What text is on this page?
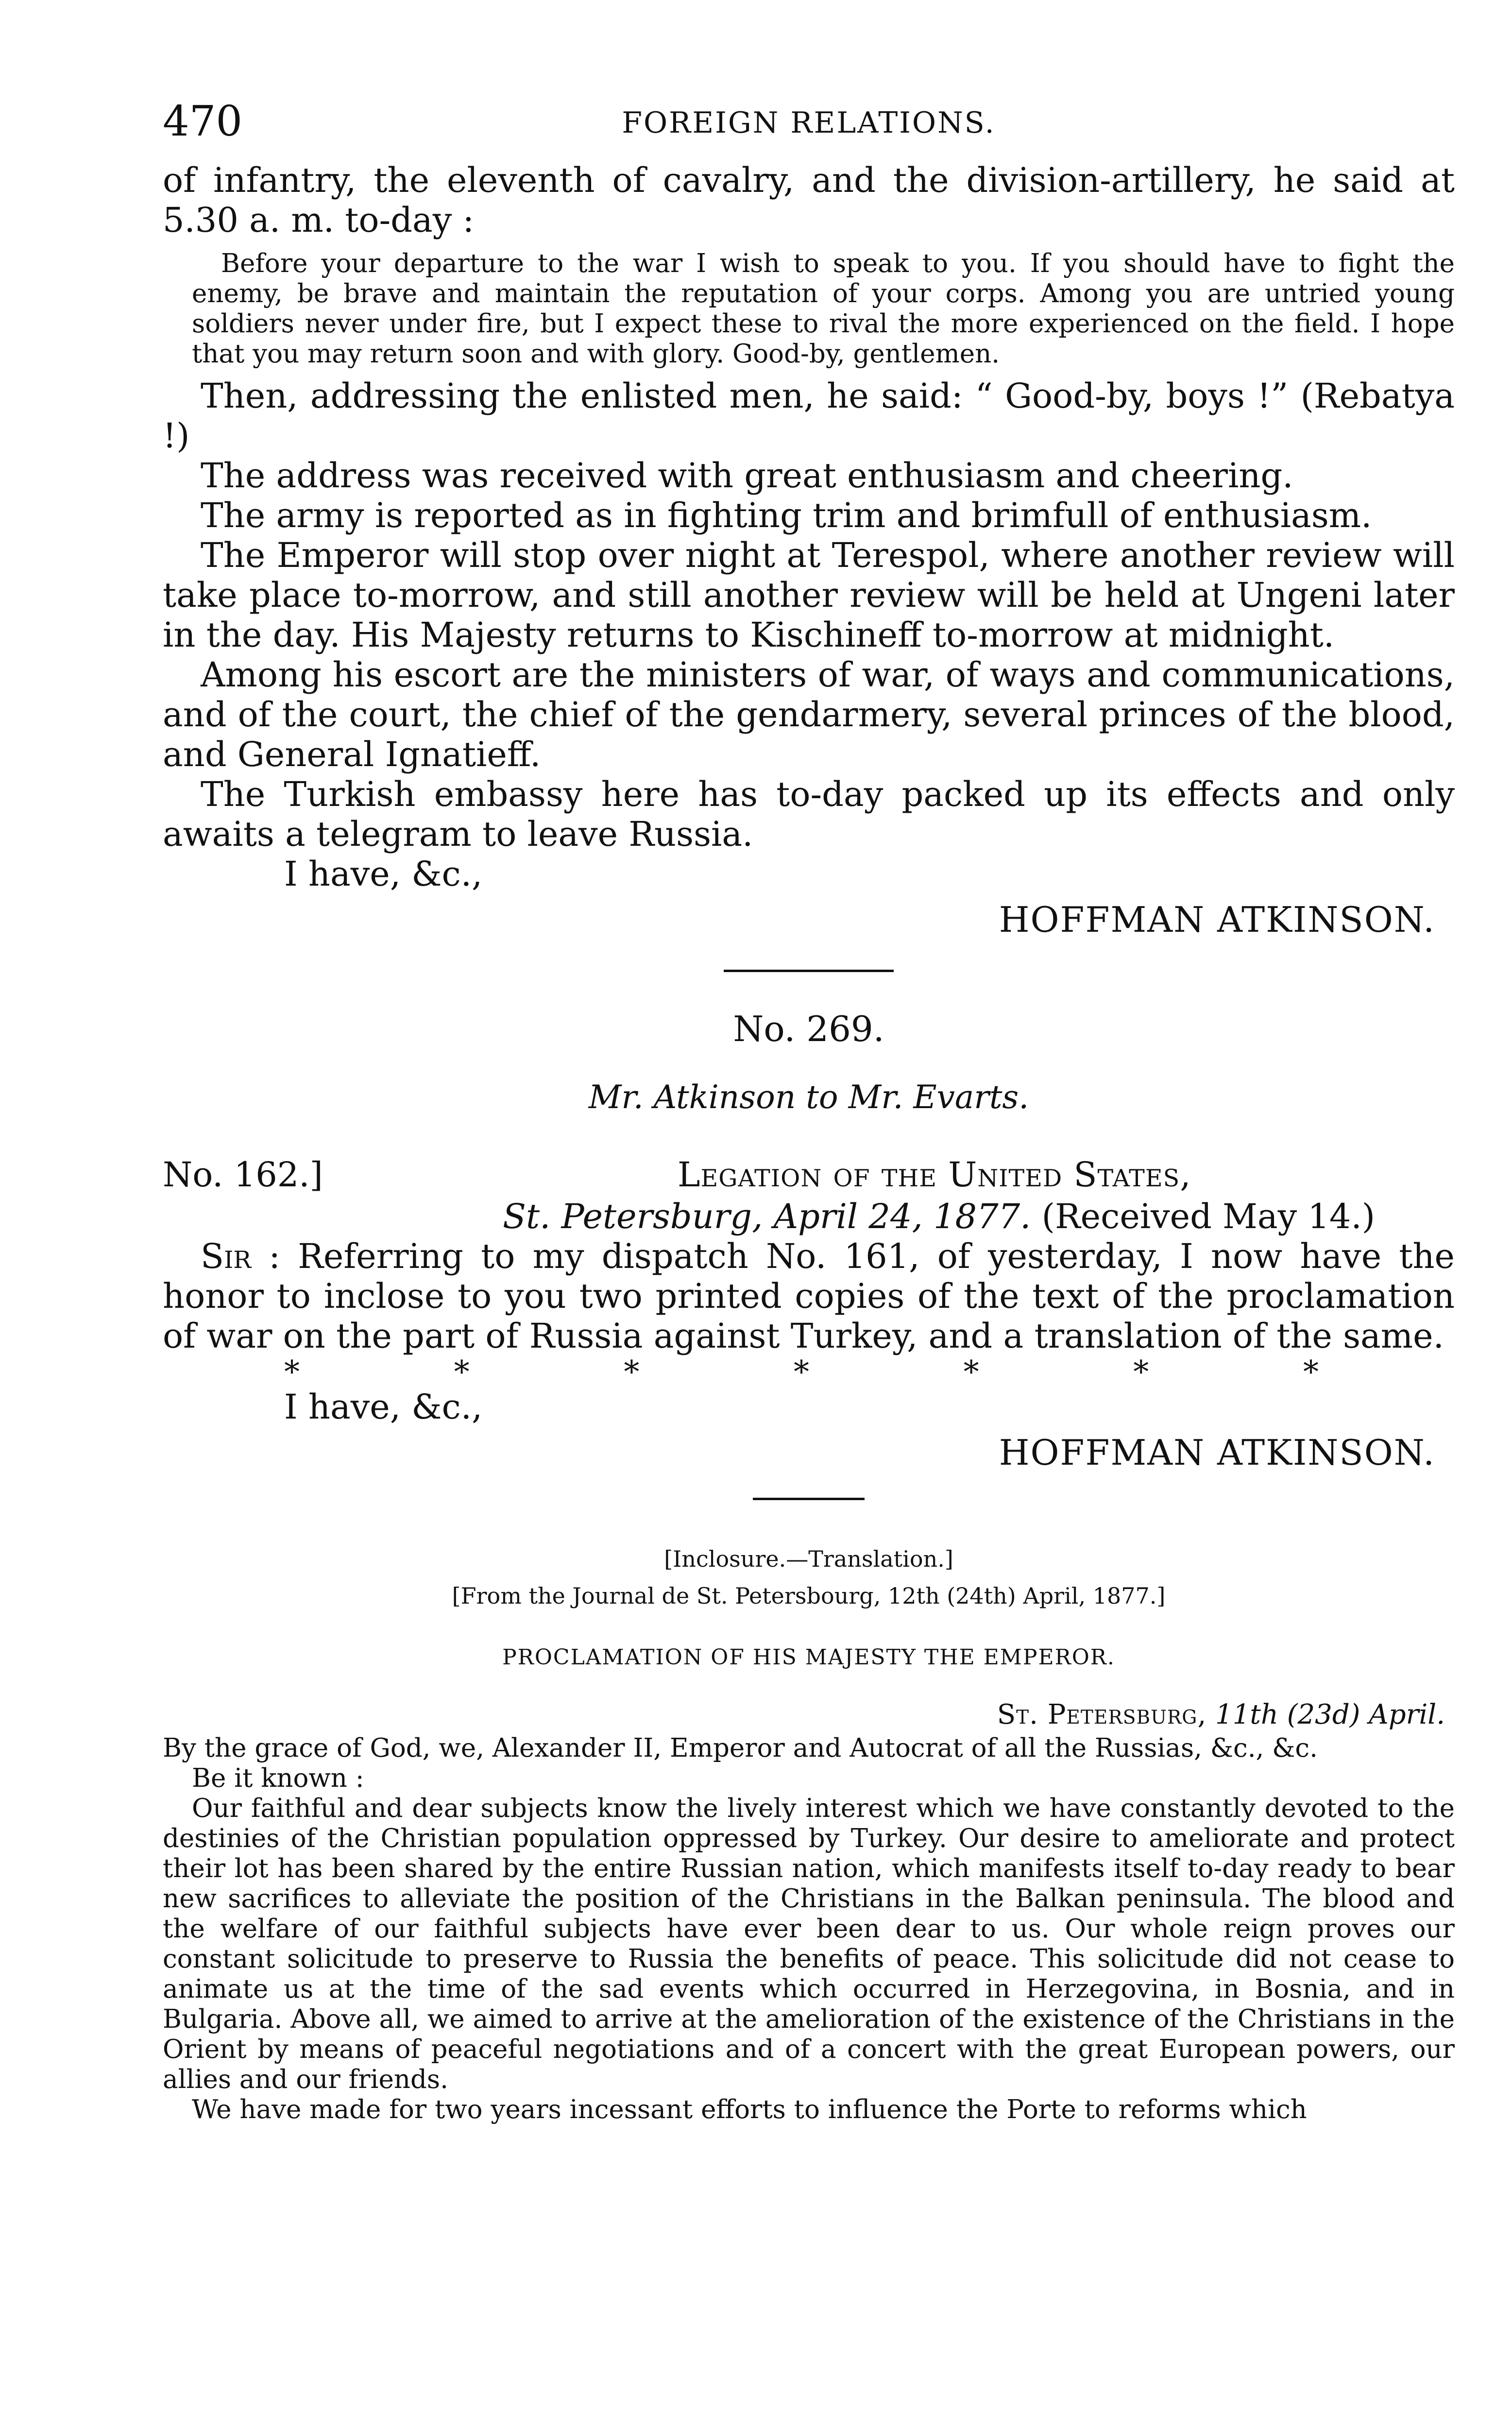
470	FOREIGN RELATIONS.

of infantry, the eleventh of cavalry, and the division-artillery, he said at 5.30 a. m. to-day :

Before your departure to the war I wish to speak to you. If you should have to fight the enemy, be brave and maintain the reputation of your corps. Among you are untried young soldiers never under fire, but I expect these to rival the more experienced on the field. I hope that you may return soon and with glory. Good-by, gentlemen.

Then, addressing the enlisted men, he said: “ Good-by, boys !” (Rebatya !)

The address was received with great enthusiasm and cheering.

The army is reported as in fighting trim and brimfull of enthusiasm.

The Emperor will stop over night at Terespol, where another review will take place to-morrow, and still another review will be held at Ungeni later in the day. His Majesty returns to Kischineff to-morrow at midnight.

Among his escort are the ministers of war, of ways and communications, and of the court, the chief of the gendarmery, several princes of the blood, and General Ignatieff.

The Turkish embassy here has to-day packed up its effects and only awaits a telegram to leave Russia.

I have, &c.,

HOFFMAN ATKINSON.

No. 269.
Mr. Atkinson to Mr. Evarts.
No. 162.]	Legation of the United States,

St. Petersburg, April 24, 1877. (Received May 14.)

Sir : Referring to my dispatch No. 161, of yesterday, I now have the honor to inclose to you two printed copies of the text of the proclamation of war on the part of Russia against Turkey, and a translation of the same.

*	*	*	*	*	*	*

I have, &c.,

HOFFMAN ATKINSON.

[Inclosure.—Translation.]
[From the Journal de St. Petersbourg, 12th (24th) April, 1877.]
PROCLAMATION OF HIS MAJESTY THE EMPEROR.
St. Petersburg, 11th (23d) April.

By the grace of God, we, Alexander II, Emperor and Autocrat of all the Russias, &c., &c.

Be it known :

Our faithful and dear subjects know the lively interest which we have constantly devoted to the destinies of the Christian population oppressed by Turkey. Our desire to ameliorate and protect their lot has been shared by the entire Russian nation, which manifests itself to-day ready to bear new sacrifices to alleviate the position of the Christians in the Balkan peninsula. The blood and the welfare of our faithful subjects have ever been dear to us. Our whole reign proves our constant solicitude to preserve to Russia the benefits of peace. This solicitude did not cease to animate us at the time of the sad events which occurred in Herzegovina, in Bosnia, and in Bulgaria. Above all, we aimed to arrive at the amelioration of the existence of the Christians in the Orient by means of peaceful negotiations and of a concert with the great European powers, our allies and our friends.

We have made for two years incessant efforts to influence the Porte to reforms which
